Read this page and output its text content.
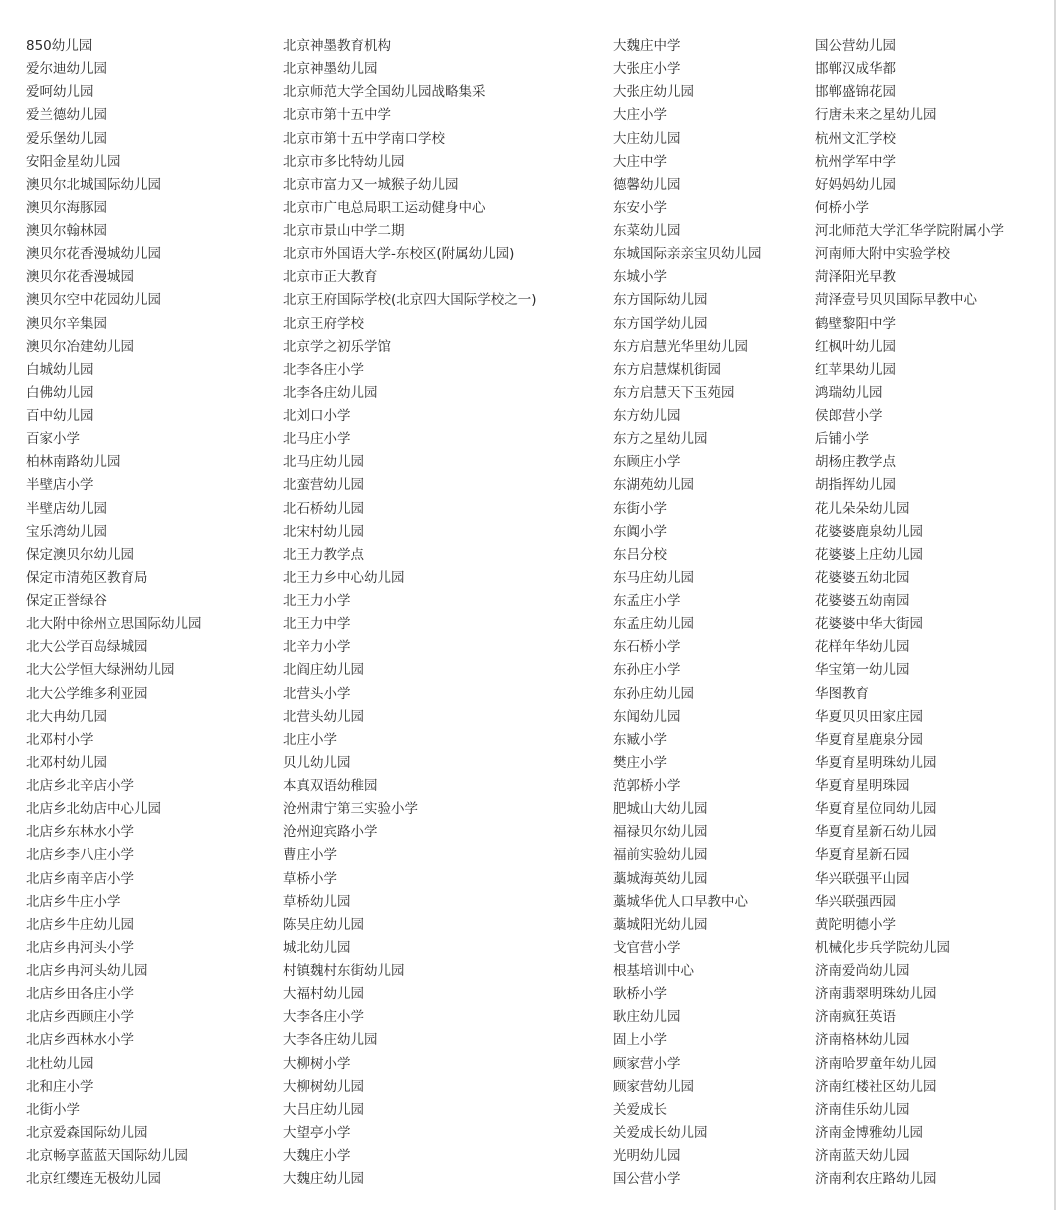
850幼儿园
爱尔迪幼儿园
爱呵幼儿园
爱兰德幼儿园
爱乐堡幼儿园
安阳金星幼儿园
澳贝尔北城国际幼儿园
澳贝尔海豚园
澳贝尔翰林园
澳贝尔花香漫城幼儿园
澳贝尔花香漫城园
澳贝尔空中花园幼儿园
澳贝尔辛集园
澳贝尔冶建幼儿园
白城幼儿园
白佛幼儿园
百中幼儿园
百家小学
柏林南路幼儿园
半壁店小学
半壁店幼儿园
宝乐湾幼儿园
保定澳贝尔幼儿园
保定市清苑区教育局
保定正誉绿谷
北大附中徐州立思国际幼儿园
北大公学百岛绿城园
北大公学恒大绿洲幼儿园
北大公学维多利亚园
北大冉幼几园
北邓村小学
北邓村幼儿园
北店乡北辛店小学
北店乡北幼店中心儿园
北店乡东林水小学
北店乡李八庄小学
北店乡南辛店小学
北店乡牛庄小学
北店乡牛庄幼儿园
北店乡冉河头小学
北店乡冉河头幼儿园
北店乡田各庄小学
北店乡西顾庄小学
北店乡西林水小学
北杜幼儿园
北和庄小学
北街小学
北京爱森国际幼儿园
北京畅享蓝蓝天国际幼儿园
北京红缨连无极幼儿园
北京神墨教育机构
北京神墨幼儿园
北京师范大学全国幼儿园战略集采
北京市第十五中学
北京市第十五中学南口学校
北京市多比特幼儿园
北京市富力又一城猴子幼儿园
北京市广电总局职工运动健身中心
北京市景山中学二期
北京市外国语大学-东校区(附属幼儿园)
北京市正大教育
北京王府国际学校(北京四大国际学校之一)
北京王府学校
北京学之初乐学馆
北李各庄小学
北李各庄幼儿园
北刘口小学
北马庄小学
北马庄幼儿园
北蛮营幼儿园
北石桥幼儿园
北宋村幼儿园
北王力教学点
北王力乡中心幼儿园
北王力小学
北王力中学
北辛力小学
北阎庄幼儿园
北营头小学
北营头幼儿园
北庄小学
贝儿幼儿园
本真双语幼稚园
沧州肃宁第三实验小学
沧州迎宾路小学
曹庄小学
草桥小学
草桥幼儿园
陈吴庄幼儿园
城北幼儿园
村镇魏村东街幼儿园
大福村幼儿园
大李各庄小学
大李各庄幼儿园
大柳树小学
大柳树幼儿园
大吕庄幼儿园
大望亭小学
大魏庄小学
大魏庄幼儿园
大魏庄中学
大张庄小学
大张庄幼儿园
大庄小学
大庄幼儿园
大庄中学
德馨幼儿园
东安小学
东菜幼儿园
东城国际亲亲宝贝幼儿园
东城小学
东方国际幼儿园
东方国学幼儿园
东方启慧光华里幼儿园
东方启慧煤机街园
东方启慧天下玉苑园
东方幼儿园
东方之星幼儿园
东顾庄小学
东湖苑幼儿园
东街小学
东阗小学
东吕分校
东马庄幼儿园
东孟庄小学
东孟庄幼儿园
东石桥小学
东孙庄小学
东孙庄幼儿园
东闻幼儿园
东臧小学
樊庄小学
范郭桥小学
肥城山大幼儿园
福禄贝尔幼儿园
福前实验幼儿园
藁城海英幼儿园
藁城华优人口早教中心
藁城阳光幼儿园
戈官营小学
根基培训中心
耿桥小学
耿庄幼儿园
固上小学
顾家营小学
顾家营幼儿园
关爱成长
关爱成长幼儿园
光明幼儿园
国公营小学
国公营幼儿园
邯郸汉成华都
邯郸盛锦花园
行唐未来之星幼儿园
杭州文汇学校
杭州学军中学
好妈妈幼儿园
何桥小学
河北师范大学汇华学院附属小学
河南师大附中实验学校
菏泽阳光早教
菏泽壹号贝贝国际早教中心
鹤壁黎阳中学
红枫叶幼儿园
红苹果幼儿园
鸿瑞幼儿园
侯郎营小学
后铺小学
胡杨庄教学点
胡指挥幼儿园
花儿朵朵幼儿园
花婆婆鹿泉幼儿园
花婆婆上庄幼儿园
花婆婆五幼北园
花婆婆五幼南园
花婆婆中华大街园
花样年华幼儿园
华宝第一幼儿园
华图教育
华夏贝贝田家庄园
华夏育星鹿泉分园
华夏育星明珠幼儿园
华夏育星明珠园
华夏育星位同幼儿园
华夏育星新石幼儿园
华夏育星新石园
华兴联强平山园
华兴联强西园
黄陀明德小学
机械化步兵学院幼儿园
济南爱尚幼儿园
济南翡翠明珠幼儿园
济南疯狂英语
济南格林幼儿园
济南哈罗童年幼儿园
济南红楼社区幼儿园
济南佳乐幼儿园
济南金博雅幼儿园
济南蓝天幼儿园
济南利农庄路幼儿园
